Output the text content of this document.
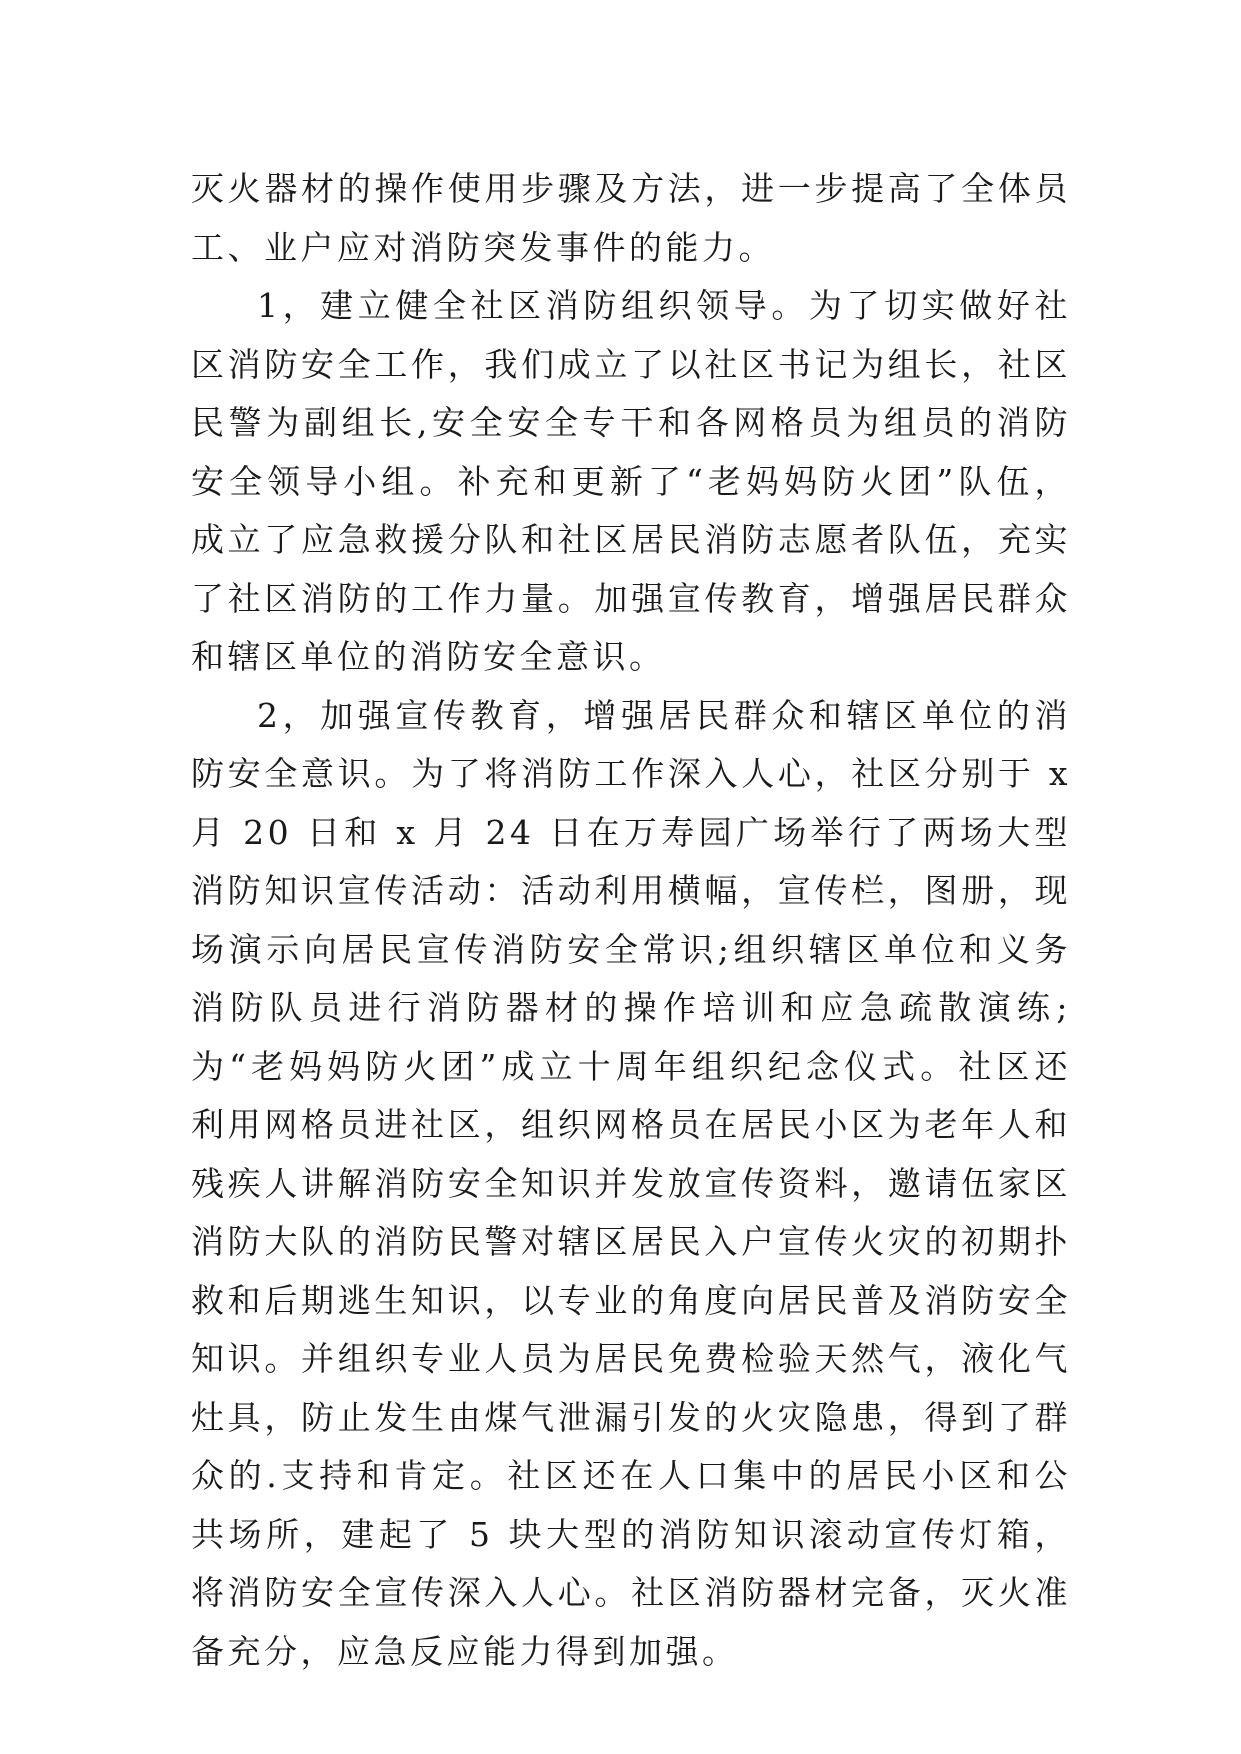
灭火器材的操作使用步骤及方法，进一步提高了全体员工、业户应对消防突发事件的能力。

1，建立健全社区消防组织领导。为了切实做好社区消防安全工作，我们成立了以社区书记为组长，社区民警为副组长,安全安全专干和各网格员为组员的消防安全领导小组。补充和更新了“老妈妈防火团”队伍，成立了应急救援分队和社区居民消防志愿者队伍，充实了社区消防的工作力量。加强宣传教育，增强居民群众和辖区单位的消防安全意识。

2，加强宣传教育，增强居民群众和辖区单位的消防安全意识。为了将消防工作深入人心，社区分别于 x 月 20 日和 x 月 24 日在万寿园广场举行了两场大型消防知识宣传活动：活动利用横幅，宣传栏，图册，现场演示向居民宣传消防安全常识;组织辖区单位和义务消防队员进行消防器材的操作培训和应急疏散演练;为“老妈妈防火团”成立十周年组织纪念仪式。社区还利用网格员进社区，组织网格员在居民小区为老年人和残疾人讲解消防安全知识并发放宣传资料，邀请伍家区消防大队的消防民警对辖区居民入户宣传火灾的初期扑救和后期逃生知识，以专业的角度向居民普及消防安全知识。并组织专业人员为居民免费检验天然气，液化气灶具，防止发生由煤气泄漏引发的火灾隐患，得到了群众的.支持和肯定。社区还在人口集中的居民小区和公共场所，建起了 5 块大型的消防知识滚动宣传灯箱，将消防安全宣传深入人心。社区消防器材完备，灭火准备充分，应急反应能力得到加强。
